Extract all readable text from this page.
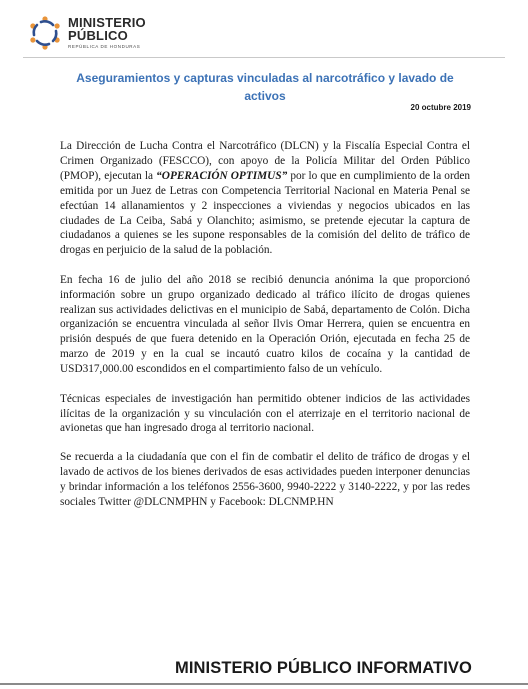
MINISTERIO
PÚBLICO
REPÚBLICA DE HONDURAS
Aseguramientos y capturas vinculadas al narcotráfico y lavado de activos
20 octubre 2019

La Dirección de Lucha Contra el Narcotráfico (DLCN) y la Fiscalía Especial Contra el Crimen Organizado (FESCCO), con apoyo de la Policía Militar del Orden Público (PMOP), ejecutan la “OPERACIÓN OPTIMUS” por lo que en cumplimiento de la orden emitida por un Juez de Letras con Competencia Territorial Nacional en Materia Penal se efectúan 14 allanamientos y 2 inspecciones a viviendas y negocios ubicados en las ciudades de La Ceiba, Sabá y Olanchito; asimismo, se pretende ejecutar la captura de ciudadanos a quienes se les supone responsables de la comisión del delito de tráfico de drogas en perjuicio de la salud de la población.

En fecha 16 de julio del año 2018 se recibió denuncia anónima la que proporcionó información sobre un grupo organizado dedicado al tráfico ilícito de drogas quienes realizan sus actividades delictivas en el municipio de Sabá, departamento de Colón. Dicha organización se encuentra vinculada al señor Ilvis Omar Herrera, quien se encuentra en prisión después de que fuera detenido en la Operación Orión, ejecutada en fecha 25 de marzo de 2019 y en la cual se incautó cuatro kilos de cocaína y la cantidad de USD317,000.00 escondidos en el compartimiento falso de un vehículo.

Técnicas especiales de investigación han permitido obtener indicios de las actividades ilícitas de la organización y su vinculación con el aterrizaje en el territorio nacional de avionetas que han ingresado droga al territorio nacional.

Se recuerda a la ciudadanía que con el fin de combatir el delito de tráfico de drogas y el lavado de activos de los bienes derivados de esas actividades pueden interponer denuncias y brindar información a los teléfonos 2556-3600, 9940-2222 y 3140-2222, y por las redes sociales Twitter @DLCNMPHN y Facebook: DLCNMP.HN

MINISTERIO PÚBLICO INFORMATIVO
